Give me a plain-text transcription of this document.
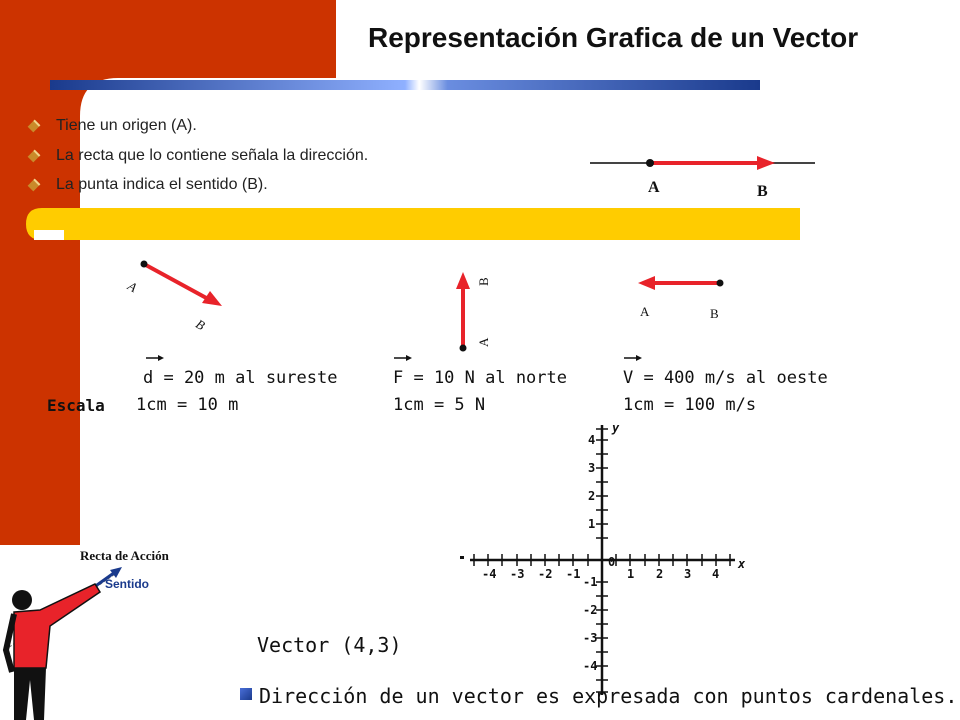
Representación Grafica de un Vector
Tiene un origen (A).
La recta que lo contiene señala la dirección.
La punta indica el sentido (B).	A	B
A
B
B
A
A	B
d = 20 m al sureste	F = 10 N al norte	V = 400 m/s al oeste
Escala 1cm = 10 m	1cm = 5 N	1cm = 100 m/s
-4 -3 -2 -1	1 2 3 4
0	x
y
4
3
2
1
-1
-2
-3
-4
Recta de Acción
Sentido
Vector (4,3)
Dirección de un vector es expresada con puntos cardenales.
